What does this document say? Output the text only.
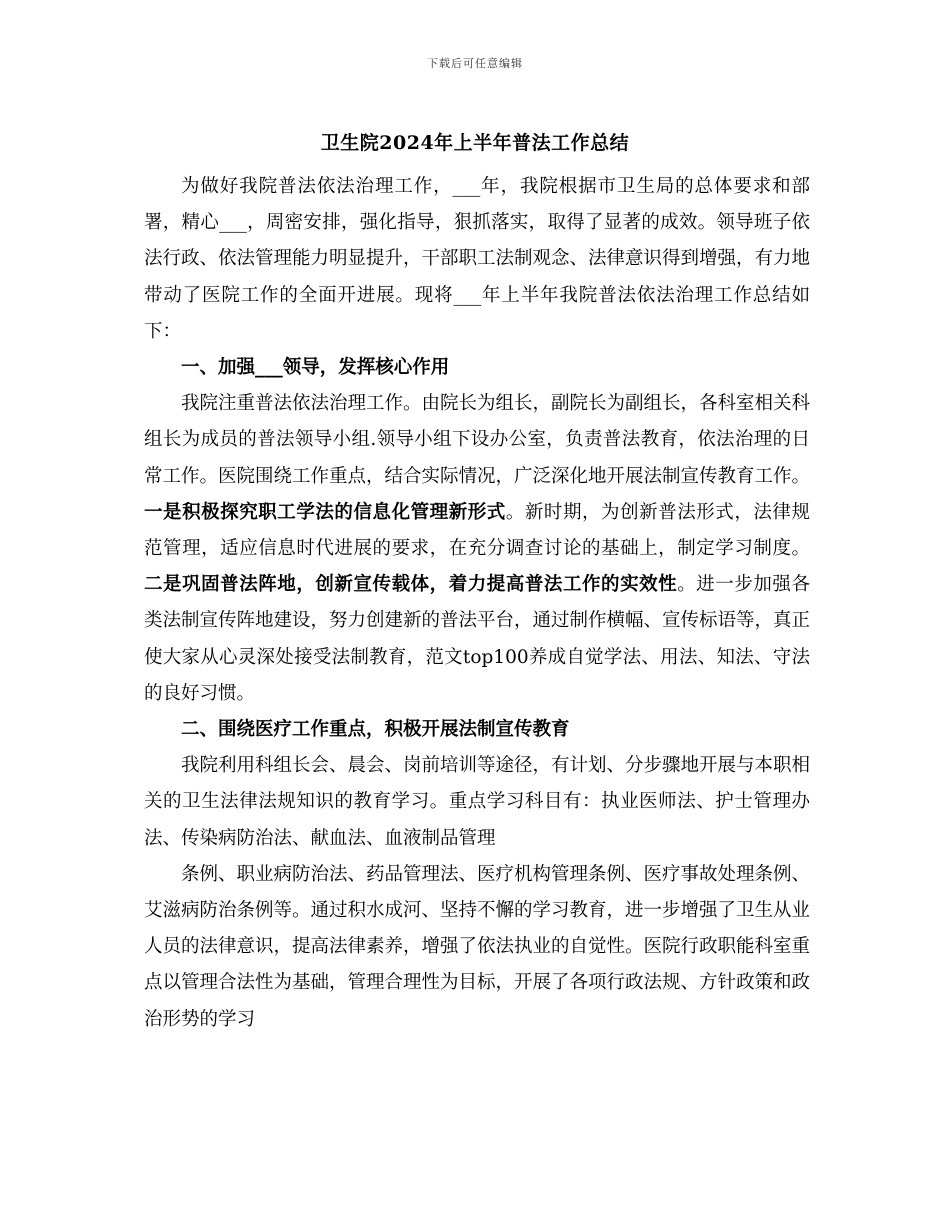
下载后可任意编辑
卫生院2024年上半年普法工作总结

为做好我院普法依法治理工作，___年，我院根据市卫生局的总体要求和部署，精心___，周密安排，强化指导，狠抓落实，取得了显著的成效。领导班子依法行政、依法管理能力明显提升，干部职工法制观念、法律意识得到增强，有力地带动了医院工作的全面开进展。现将___年上半年我院普法依法治理工作总结如下：

一、加强___领导，发挥核心作用

我院注重普法依法治理工作。由院长为组长，副院长为副组长，各科室相关科组长为成员的普法领导小组.领导小组下设办公室，负责普法教育，依法治理的日常工作。医院围绕工作重点，结合实际情况，广泛深化地开展法制宣传教育工作。一是积极探究职工学法的信息化管理新形式。新时期，为创新普法形式，法律规范管理，适应信息时代进展的要求，在充分调查讨论的基础上，制定学习制度。二是巩固普法阵地，创新宣传载体，着力提高普法工作的实效性。进一步加强各类法制宣传阵地建设，努力创建新的普法平台，通过制作横幅、宣传标语等，真正使大家从心灵深处接受法制教育，范文top100养成自觉学法、用法、知法、守法的良好习惯。

二、围绕医疗工作重点，积极开展法制宣传教育

我院利用科组长会、晨会、岗前培训等途径，有计划、分步骤地开展与本职相关的卫生法律法规知识的教育学习。重点学习科目有：执业医师法、护士管理办法、传染病防治法、献血法、血液制品管理

条例、职业病防治法、药品管理法、医疗机构管理条例、医疗事故处理条例、艾滋病防治条例等。通过积水成河、坚持不懈的学习教育，进一步增强了卫生从业人员的法律意识，提高法律素养，增强了依法执业的自觉性。医院行政职能科室重点以管理合法性为基础，管理合理性为目标，开展了各项行政法规、方针政策和政治形势的学习
